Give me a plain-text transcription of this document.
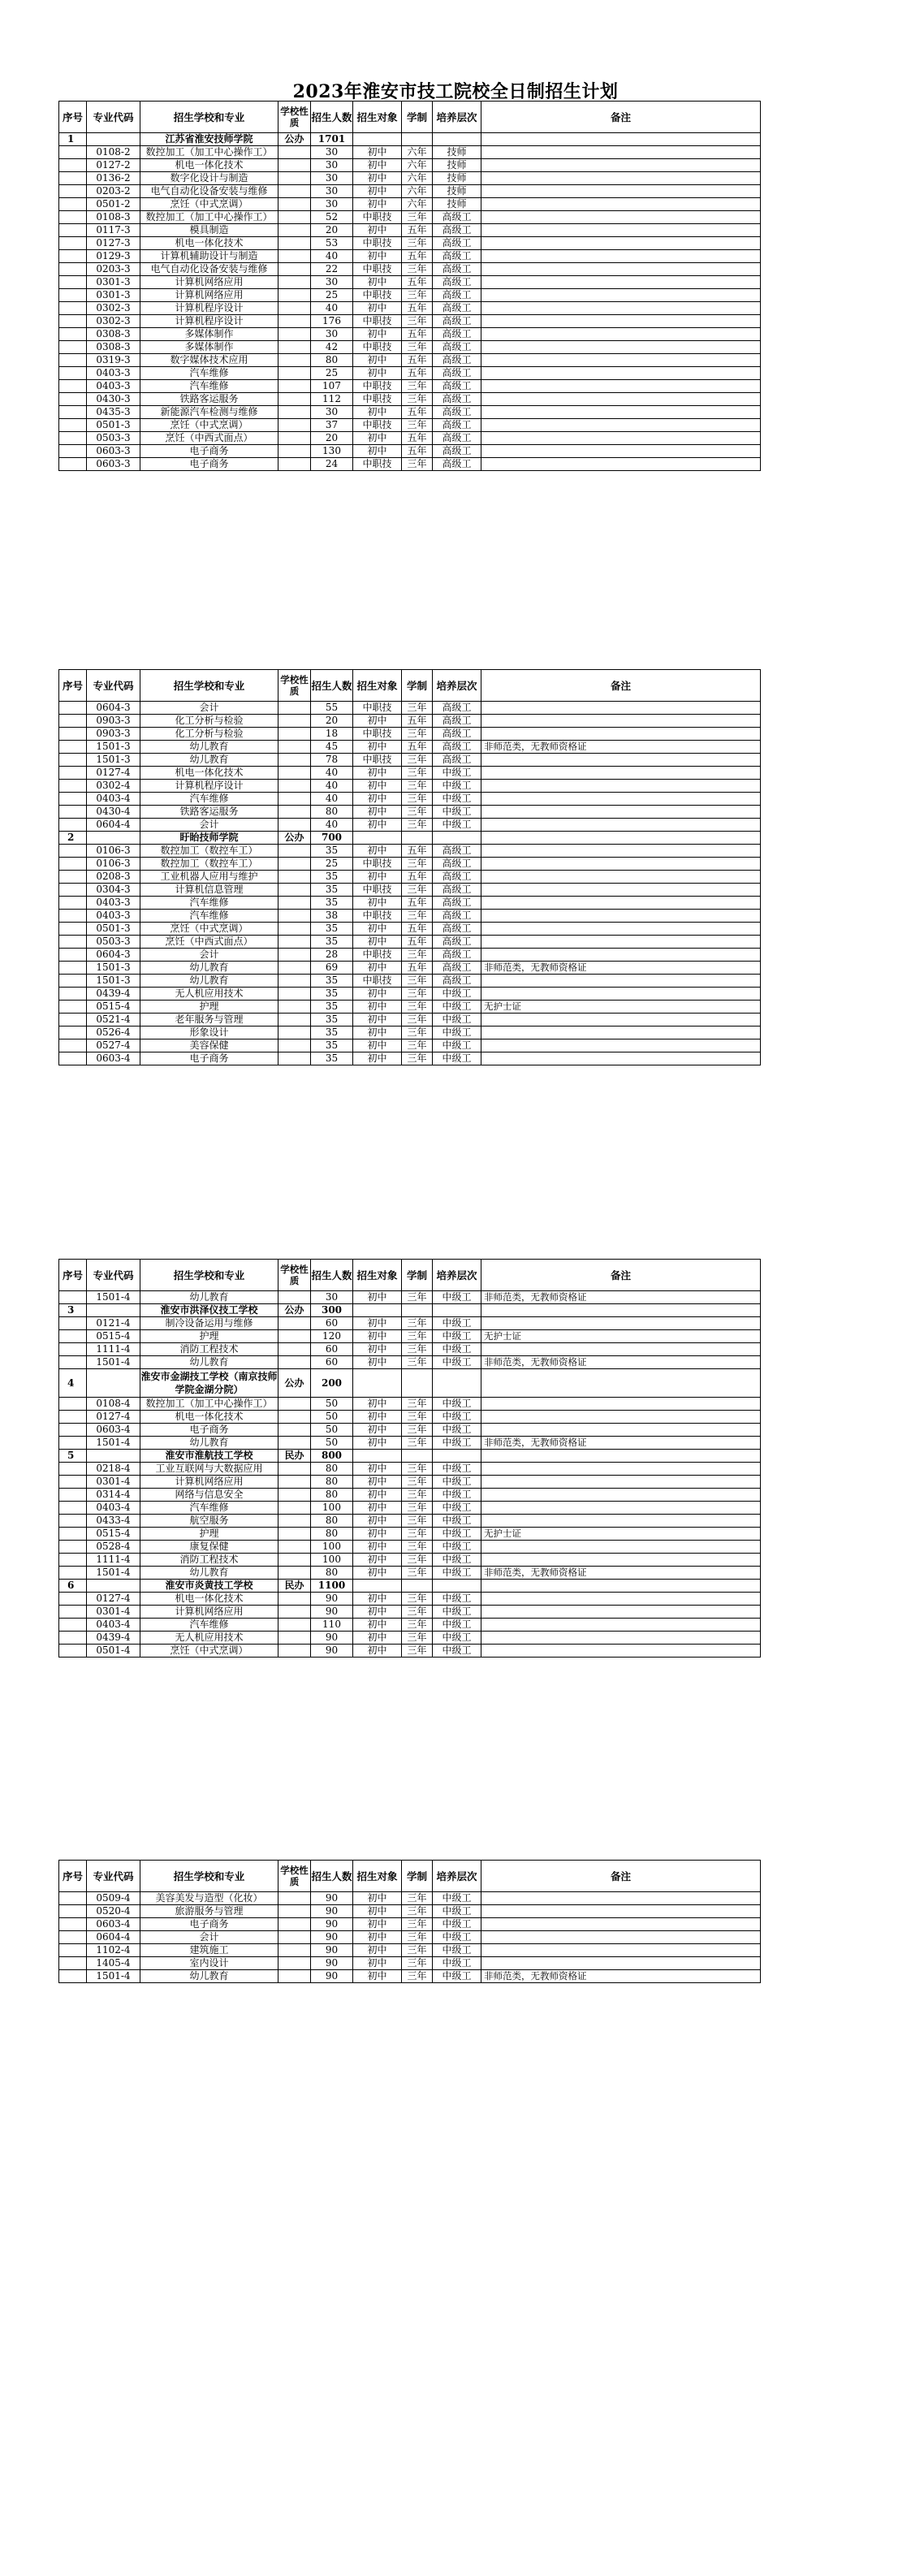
2023年淮安市技工院校全日制招生计划
序号	专业代码	招生学校和专业	学校性质	招生人数	招生对象	学制	培养层次	备注
1		江苏省淮安技师学院	公办	1701				
	0108-2	数控加工（加工中心操作工）		30	初中	六年	技师	
	0127-2	机电一体化技术		30	初中	六年	技师	
	0136-2	数字化设计与制造		30	初中	六年	技师	
	0203-2	电气自动化设备安装与维修		30	初中	六年	技师	
	0501-2	烹饪（中式烹调）		30	初中	六年	技师	
	0108-3	数控加工（加工中心操作工）		52	中职技	三年	高级工	
	0117-3	模具制造		20	初中	五年	高级工	
	0127-3	机电一体化技术		53	中职技	三年	高级工	
	0129-3	计算机辅助设计与制造		40	初中	五年	高级工	
	0203-3	电气自动化设备安装与维修		22	中职技	三年	高级工	
	0301-3	计算机网络应用		30	初中	五年	高级工	
	0301-3	计算机网络应用		25	中职技	三年	高级工	
	0302-3	计算机程序设计		40	初中	五年	高级工	
	0302-3	计算机程序设计		176	中职技	三年	高级工	
	0308-3	多媒体制作		30	初中	五年	高级工	
	0308-3	多媒体制作		42	中职技	三年	高级工	
	0319-3	数字媒体技术应用		80	初中	五年	高级工	
	0403-3	汽车维修		25	初中	五年	高级工	
	0403-3	汽车维修		107	中职技	三年	高级工	
	0430-3	铁路客运服务		112	中职技	三年	高级工	
	0435-3	新能源汽车检测与维修		30	初中	五年	高级工	
	0501-3	烹饪（中式烹调）		37	中职技	三年	高级工	
	0503-3	烹饪（中西式面点）		20	初中	五年	高级工	
	0603-3	电子商务		130	初中	五年	高级工	
	0603-3	电子商务		24	中职技	三年	高级工	
序号	专业代码	招生学校和专业	学校性质	招生人数	招生对象	学制	培养层次	备注
	0604-3	会计		55	中职技	三年	高级工	
	0903-3	化工分析与检验		20	初中	五年	高级工	
	0903-3	化工分析与检验		18	中职技	三年	高级工	
	1501-3	幼儿教育		45	初中	五年	高级工	非师范类，无教师资格证
	1501-3	幼儿教育		78	中职技	三年	高级工	
	0127-4	机电一体化技术		40	初中	三年	中级工	
	0302-4	计算机程序设计		40	初中	三年	中级工	
	0403-4	汽车维修		40	初中	三年	中级工	
	0430-4	铁路客运服务		80	初中	三年	中级工	
	0604-4	会计		40	初中	三年	中级工	
2		盱眙技师学院	公办	700				
	0106-3	数控加工（数控车工）		35	初中	五年	高级工	
	0106-3	数控加工（数控车工）		25	中职技	三年	高级工	
	0208-3	工业机器人应用与维护		35	初中	五年	高级工	
	0304-3	计算机信息管理		35	中职技	三年	高级工	
	0403-3	汽车维修		35	初中	五年	高级工	
	0403-3	汽车维修		38	中职技	三年	高级工	
	0501-3	烹饪（中式烹调）		35	初中	五年	高级工	
	0503-3	烹饪（中西式面点）		35	初中	五年	高级工	
	0604-3	会计		28	中职技	三年	高级工	
	1501-3	幼儿教育		69	初中	五年	高级工	非师范类，无教师资格证
	1501-3	幼儿教育		35	中职技	三年	高级工	
	0439-4	无人机应用技术		35	初中	三年	中级工	
	0515-4	护理		35	初中	三年	中级工	无护士证
	0521-4	老年服务与管理		35	初中	三年	中级工	
	0526-4	形象设计		35	初中	三年	中级工	
	0527-4	美容保健		35	初中	三年	中级工	
	0603-4	电子商务		35	初中	三年	中级工	
序号	专业代码	招生学校和专业	学校性质	招生人数	招生对象	学制	培养层次	备注
	1501-4	幼儿教育		30	初中	三年	中级工	非师范类，无教师资格证
3		淮安市洪泽仪技工学校	公办	300				
	0121-4	制冷设备运用与维修		60	初中	三年	中级工	
	0515-4	护理		120	初中	三年	中级工	无护士证
	1111-4	消防工程技术		60	初中	三年	中级工	
	1501-4	幼儿教育		60	初中	三年	中级工	非师范类，无教师资格证
4		淮安市金湖技工学校（南京技师学院金湖分院）	公办	200				
	0108-4	数控加工（加工中心操作工）		50	初中	三年	中级工	
	0127-4	机电一体化技术		50	初中	三年	中级工	
	0603-4	电子商务		50	初中	三年	中级工	
	1501-4	幼儿教育		50	初中	三年	中级工	非师范类，无教师资格证
5		淮安市淮航技工学校	民办	800				
	0218-4	工业互联网与大数据应用		80	初中	三年	中级工	
	0301-4	计算机网络应用		80	初中	三年	中级工	
	0314-4	网络与信息安全		80	初中	三年	中级工	
	0403-4	汽车维修		100	初中	三年	中级工	
	0433-4	航空服务		80	初中	三年	中级工	
	0515-4	护理		80	初中	三年	中级工	无护士证
	0528-4	康复保健		100	初中	三年	中级工	
	1111-4	消防工程技术		100	初中	三年	中级工	
	1501-4	幼儿教育		80	初中	三年	中级工	非师范类，无教师资格证
6		淮安市炎黄技工学校	民办	1100				
	0127-4	机电一体化技术		90	初中	三年	中级工	
	0301-4	计算机网络应用		90	初中	三年	中级工	
	0403-4	汽车维修		110	初中	三年	中级工	
	0439-4	无人机应用技术		90	初中	三年	中级工	
	0501-4	烹饪（中式烹调）		90	初中	三年	中级工	
序号	专业代码	招生学校和专业	学校性质	招生人数	招生对象	学制	培养层次	备注
	0509-4	美容美发与造型（化妆）		90	初中	三年	中级工	
	0520-4	旅游服务与管理		90	初中	三年	中级工	
	0603-4	电子商务		90	初中	三年	中级工	
	0604-4	会计		90	初中	三年	中级工	
	1102-4	建筑施工		90	初中	三年	中级工	
	1405-4	室内设计		90	初中	三年	中级工	
	1501-4	幼儿教育		90	初中	三年	中级工	非师范类，无教师资格证
